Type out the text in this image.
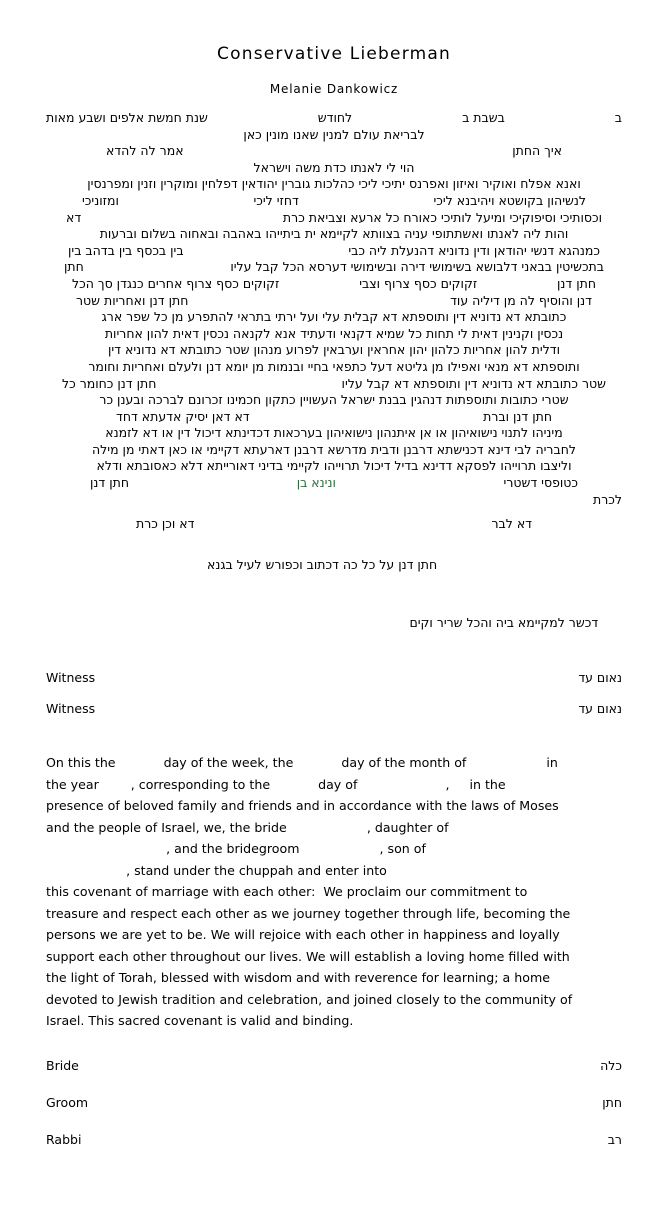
Conservative Lieberman
Melanie Dankowicz
ב
בשבת ב
לחודש
שנת חמשת אלפים ושבע מאות
לבריאת עולם למנין שאנו מונין כאן
איך החתן
אמר לה להדא
הוי לי לאנתו כדת משה וישראל
ואנא אפלח ואוקיר ואיזון ואפרנס יתיכי ליכי כהלכות גוברין יהודאין דפלחין ומוקרין וזנין ומפרנסין
לנשיהון בקושטא ויהיבנא ליכי
דחזי ליכי
ומזוניכי
וכסותיכי וסיפוקיכי ומיעל לותיכי כאורח כל ארעא וצביאת כרת
דא
והות ליה לאנתו ואשתתופי עניה בצוותא לקיימא ית ביתייהו באהבה ובאחוה בשלום וברעות
כמנהגא דנשי יהודאן ודין נדוניא דהנעלת ליה כבי
בין בכסף בין בדהב בין
בתכשיטין בבאני דלבושא בשימושי דירה ובשימושי דערסא הכל קבל עליו
חתן
חתן דנן
זקוקים כסף צרוף וצבי
זקוקים כסף צרוף אחרים כנגדן סך הכל
דנן והוסיף לה מן דיליה עוד
חתן דנן ואחריות שטר
כתובתא דא נדוניא דין ותוספתא דא קבלית עלי ועל ירתי בתראי להתפרע מן כל שפר ארג
נכסין וקנינין דאית לי תחות כל שמיא דקנאי ודעתיד אנא לקנאה נכסין דאית להון אחריות
ודלית להון אחריות כלהון יהון אחראין וערבאין לפרוע מנהון שטר כתובתא דא נדוניא דין
ותוספתא דא מנאי ואפילו מן גליטא דעל כתפאי בחיי ובנמות מן יומא דנן ולעלם ואחריות וחומר
שטר כתובתא דא נדוניא דין ותוספתא דא קבל עליו
חתן דנן כחומר כל
שטרי כתובות ותוספתות דנהגין בבנת ישראל העשויין כתקון חכמינו זכרונם לברכה ובענן כר
חתן דנן וברת
דא דאן יסיק אדעתא דחד
מיניהו לתנוי נישואיהון או אן איתנהון נישואיהון בערכאות דכדינתא דיכול דין או דא לזמנא
לחבריה לבי דינא דכנישתא דרבנן ודבית מדרשא דרבנן דארעתא דקיימי או כאן דאתי מן מילה
וליצבו תרוייהו לפסקא דדינא בדיל דיכול תרוייהו לקיימי בדיני דאורייתא דלא כאסובתא ודלא
כטופסי דשטרי
ונינא בן
חתן דנן
לכרת
דא לבר
דא וכן כרת

חתן דנן על כל כה דכתוב וכפורש לעיל בגנא

דכשר למקיימא ביה והכל שריר וקים

Witness	נאום עד
Witness	נאום עד
On this the            day of the week, the            day of the month of                    in
the year        , corresponding to the            day of                      ,     in the
presence of beloved family and friends and in accordance with the laws of Moses
and the people of Israel, we, the bride                    , daughter of
, and the bridegroom                    , son of
, stand under the chuppah and enter into
this covenant of marriage with each other:  We proclaim our commitment to
treasure and respect each other as we journey together through life, becoming the
persons we are yet to be. We will rejoice with each other in happiness and loyally
support each other throughout our lives. We will establish a loving home filled with
the light of Torah, blessed with wisdom and with reverence for learning; a home
devoted to Jewish tradition and celebration, and joined closely to the community of
Israel. This sacred covenant is valid and binding.
Bride	כלה
Groom	חתן
Rabbi	רב
